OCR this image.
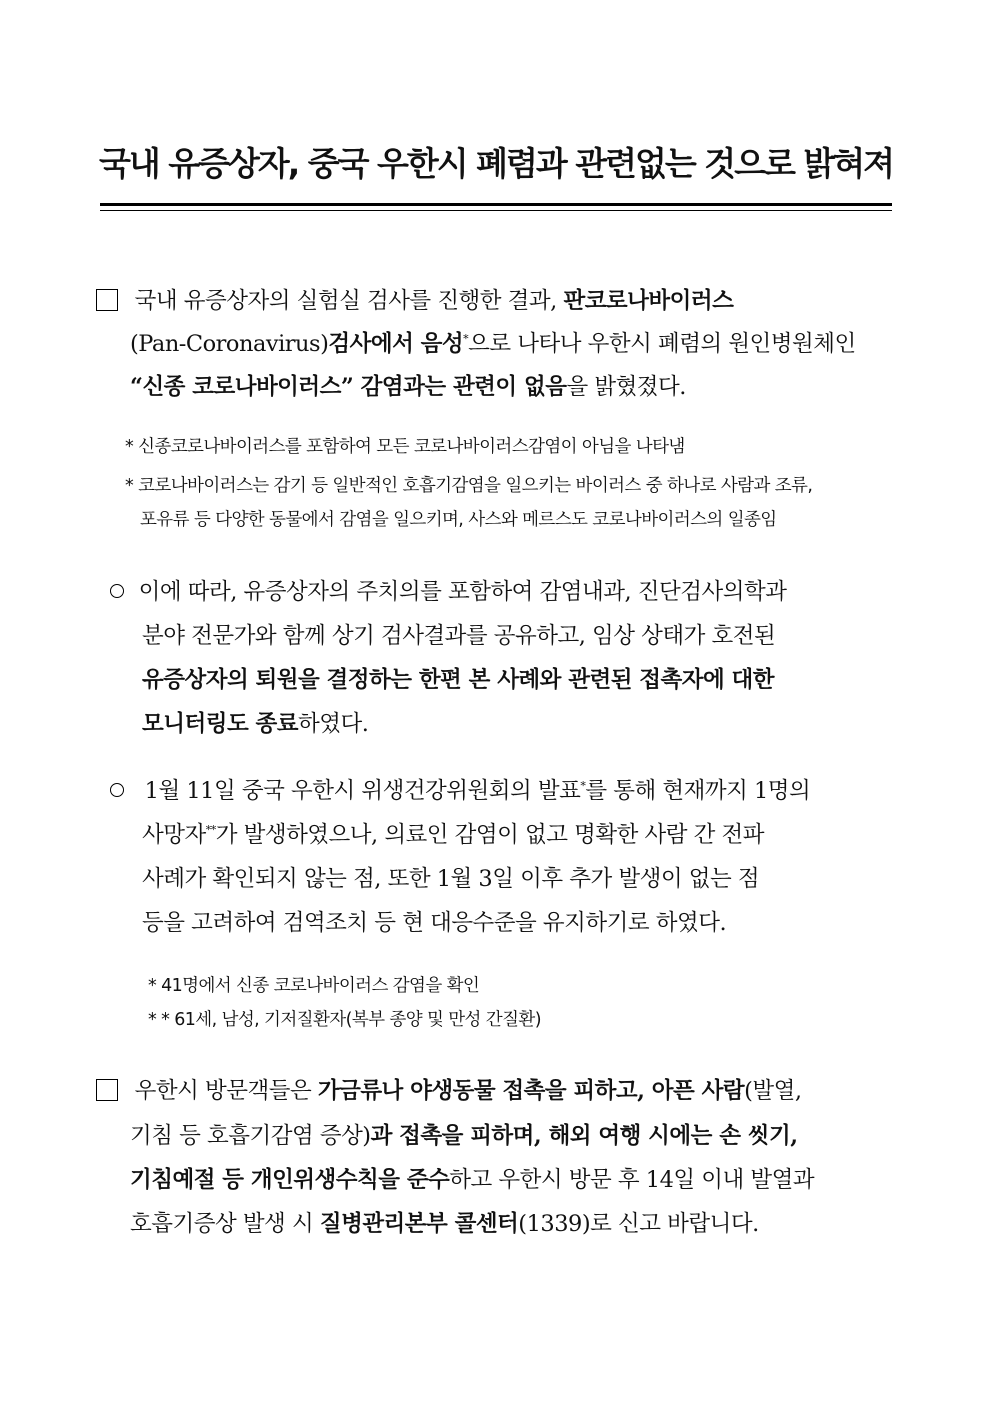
국내 유증상자, 중국 우한시 폐렴과 관련없는 것으로 밝혀져
국내 유증상자의 실험실 검사를 진행한 결과, 판코로나바이러스
(Pan-Coronavirus)검사에서 음성*으로 나타나 우한시 폐렴의 원인병원체인
“신종 코로나바이러스” 감염과는 관련이 없음을 밝혔졌다.
* 신종코로나바이러스를 포함하여 모든 코로나바이러스감염이 아님을 나타냄
* 코로나바이러스는 감기 등 일반적인 호흡기감염을 일으키는 바이러스 중 하나로 사람과 조류,
포유류 등 다양한 동물에서 감염을 일으키며, 사스와 메르스도 코로나바이러스의 일종임
이에 따라, 유증상자의 주치의를 포함하여 감염내과, 진단검사의학과
분야 전문가와 함께 상기 검사결과를 공유하고, 임상 상태가 호전된
유증상자의 퇴원을 결정하는 한편 본 사례와 관련된 접촉자에 대한
모니터링도 종료하였다.
1월 11일 중국 우한시 위생건강위원회의 발표*를 통해 현재까지 1명의
사망자**가 발생하였으나, 의료인 감염이 없고 명확한 사람 간 전파
사례가 확인되지 않는 점, 또한 1월 3일 이후 추가 발생이 없는 점
등을 고려하여 검역조치 등 현 대응수준을 유지하기로 하였다.
* 41명에서 신종 코로나바이러스 감염을 확인
* * 61세, 남성, 기저질환자(복부 종양 및 만성 간질환)
우한시 방문객들은 가금류나 야생동물 접촉을 피하고, 아픈 사람(발열,
기침 등 호흡기감염 증상)과 접촉을 피하며, 해외 여행 시에는 손 씻기,
기침예절 등 개인위생수칙을 준수하고 우한시 방문 후 14일 이내 발열과
호흡기증상 발생 시 질병관리본부 콜센터(1339)로 신고 바랍니다.
